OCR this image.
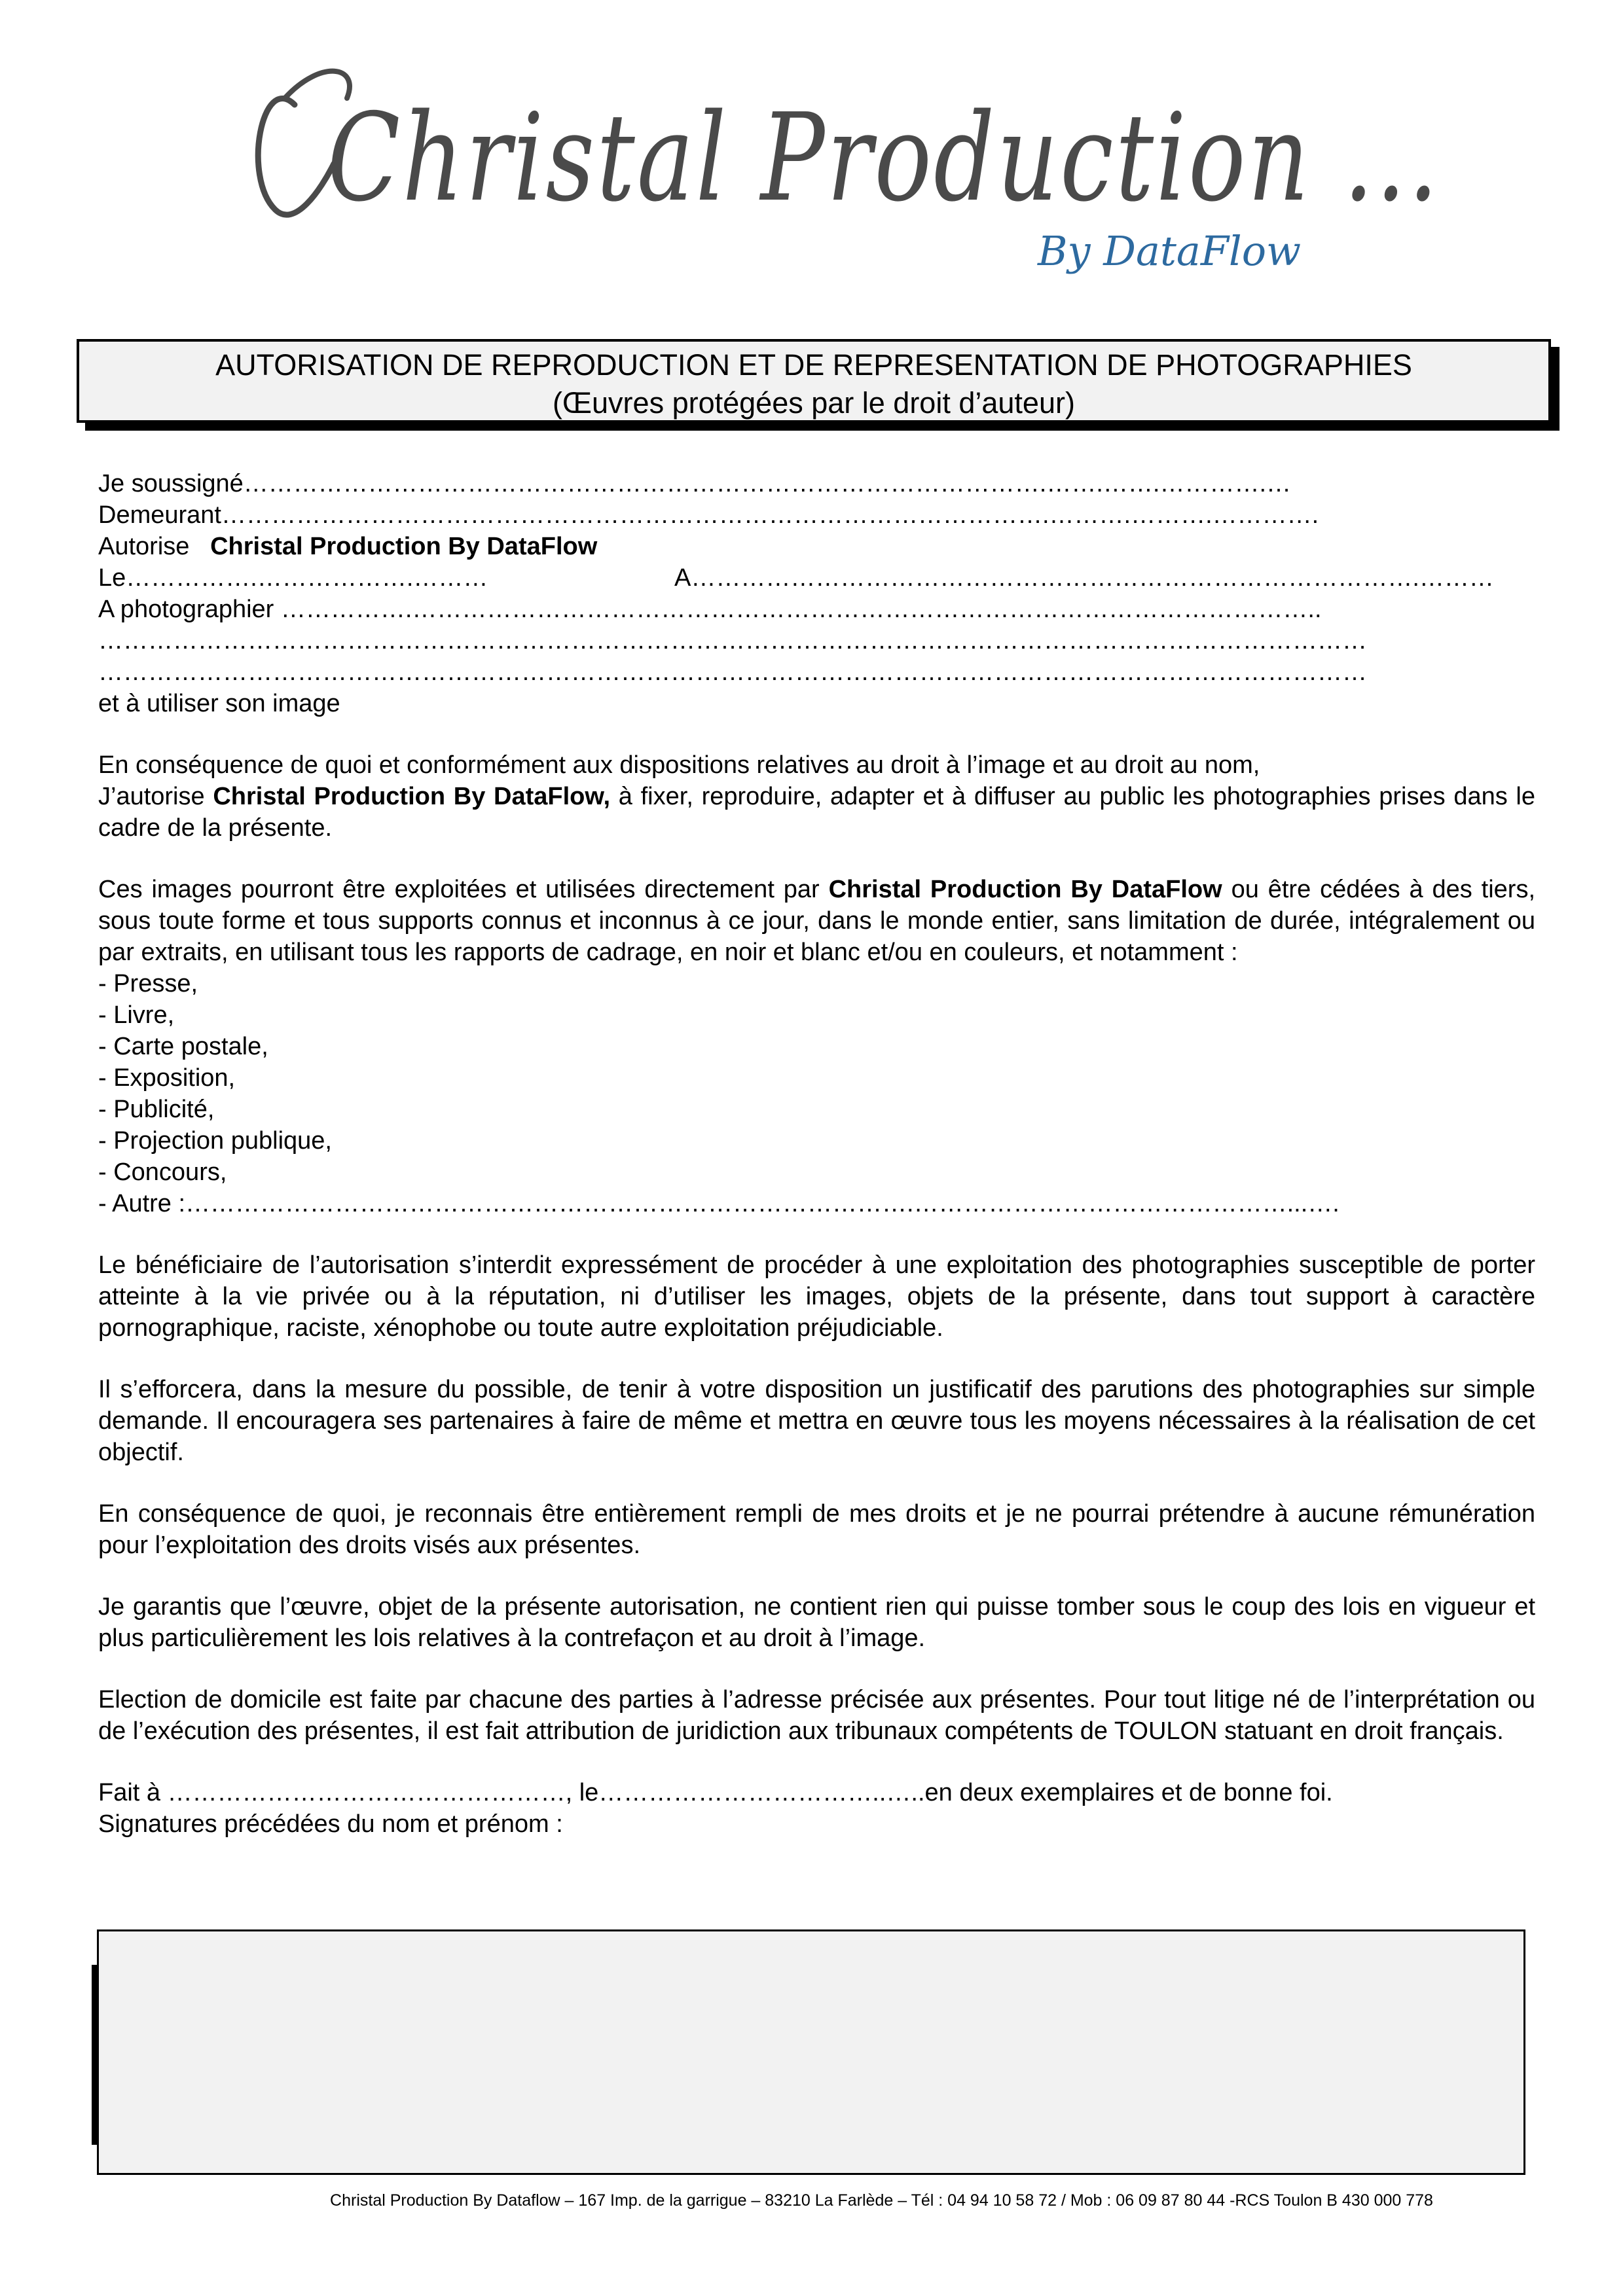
Christal Production ...
By DataFlow
AUTORISATION DE REPRODUCTION ET DE REPRESENTATION DE PHOTOGRAPHIES
(Œuvres protégées par le droit d’auteur)
Je soussigné…………………………………………………………………………………….…….…….………….…
Demeurant……………………………………………………………………………………….……….……….………….
Autorise Christal Production By DataFlow
Le…………….……………….………	A…………………………………………………………………………….………
A photographier …………….………………………………………………………………………………………………..
………………………………………………………………………………………………………………………………………
………………………………………………………………………………………………………………………………………
et à utiliser son image
En conséquence de quoi et conformément aux dispositions relatives au droit à l’image et au droit au nom,
J’autorise Christal Production By DataFlow, à fixer, reproduire, adapter et à diffuser au public les photographies prises dans le cadre de la présente.
Ces images pourront être exploitées et utilisées directement par Christal Production By DataFlow ou être cédées à des tiers, sous toute forme et tous supports connus et inconnus à ce jour, dans le monde entier, sans limitation de durée, intégralement ou par extraits, en utilisant tous les rapports de cadrage, en noir et blanc et/ou en couleurs, et notamment :
- Presse,
- Livre,
- Carte postale,
- Exposition,
- Publicité,
- Projection publique,
- Concours,
- Autre :…………………………………………………………………………….………………………………………...….
Le bénéficiaire de l’autorisation s’interdit expressément de procéder à une exploitation des photographies susceptible de porter atteinte à la vie privée ou à la réputation, ni d’utiliser les images, objets de la présente, dans tout support à caractère pornographique, raciste, xénophobe ou toute autre exploitation préjudiciable.
Il s’efforcera, dans la mesure du possible, de tenir à votre disposition un justificatif des parutions des photographies sur simple demande. Il encouragera ses partenaires à faire de même et mettra en œuvre tous les moyens nécessaires à la réalisation de cet objectif.
En conséquence de quoi, je reconnais être entièrement rempli de mes droits et je ne pourrai prétendre à aucune rémunération pour l’exploitation des droits visés aux présentes.
Je garantis que l’œuvre, objet de la présente autorisation, ne contient rien qui puisse tomber sous le coup des lois en vigueur et plus particulièrement les lois relatives à la contrefaçon et au droit à l’image.
Election de domicile est faite par chacune des parties à l’adresse précisée aux présentes. Pour tout litige né de l’interprétation ou de l’exécution des présentes, il est fait attribution de juridiction aux tribunaux compétents de TOULON statuant en droit français.
Fait à …………………………………………, le……………………………..…..en deux exemplaires et de bonne foi.
Signatures précédées du nom et prénom :
Christal Production By Dataflow – 167 Imp. de la garrigue – 83210 La Farlède – Tél : 04 94 10 58 72 / Mob : 06 09 87 80 44 -RCS Toulon B 430 000 778
